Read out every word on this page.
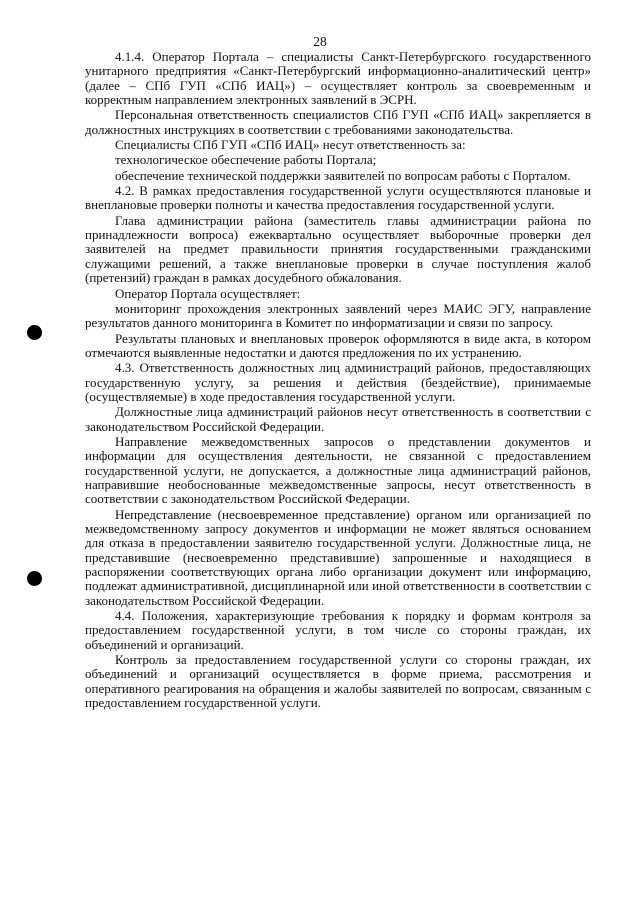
28

4.1.4. Оператор Портала – специалисты Санкт-Петербургского государственного унитарного предприятия «Санкт-Петербургский информационно-аналитический центр» (далее – СПб ГУП «СПб ИАЦ») – осуществляет контроль за своевременным и корректным направлением электронных заявлений в ЭСРН.

Персональная ответственность специалистов СПб ГУП «СПб ИАЦ» закрепляется в должностных инструкциях в соответствии с требованиями законодательства.

Специалисты СПб ГУП «СПб ИАЦ» несут ответственность за:

технологическое обеспечение работы Портала;

обеспечение технической поддержки заявителей по вопросам работы с Порталом.

4.2. В рамках предоставления государственной услуги осуществляются плановые и внеплановые проверки полноты и качества предоставления государственной услуги.

Глава администрации района (заместитель главы администрации района по принадлежности вопроса) ежеквартально осуществляет выборочные проверки дел заявителей на предмет правильности принятия государственными гражданскими служащими решений, а также внеплановые проверки в случае поступления жалоб (претензий) граждан в рамках досудебного обжалования.

Оператор Портала осуществляет:

мониторинг прохождения электронных заявлений через МАИС ЭГУ, направление результатов данного мониторинга в Комитет по информатизации и связи по запросу.

Результаты плановых и внеплановых проверок оформляются в виде акта, в котором отмечаются выявленные недостатки и даются предложения по их устранению.

4.3. Ответственность должностных лиц администраций районов, предоставляющих государственную услугу, за решения и действия (бездействие), принимаемые (осуществляемые) в ходе предоставления государственной услуги.

Должностные лица администраций районов несут ответственность в соответствии с законодательством Российской Федерации.

Направление межведомственных запросов о представлении документов и информации для осуществления деятельности, не связанной с предоставлением государственной услуги, не допускается, а должностные лица администраций районов, направившие необоснованные межведомственные запросы, несут ответственность в соответствии с законодательством Российской Федерации.

Непредставление (несвоевременное представление) органом или организацией по межведомственному запросу документов и информации не может являться основанием для отказа в предоставлении заявителю государственной услуги. Должностные лица, не представившие (несвоевременно представившие) запрошенные и находящиеся в распоряжении соответствующих органа либо организации документ или информацию, подлежат административной, дисциплинарной или иной ответственности в соответствии с законодательством Российской Федерации.

4.4. Положения, характеризующие требования к порядку и формам контроля за предоставлением государственной услуги, в том числе со стороны граждан, их объединений и организаций.

Контроль за предоставлением государственной услуги со стороны граждан, их объединений и организаций осуществляется в форме приема, рассмотрения и оперативного реагирования на обращения и жалобы заявителей по вопросам, связанным с предоставлением государственной услуги.
